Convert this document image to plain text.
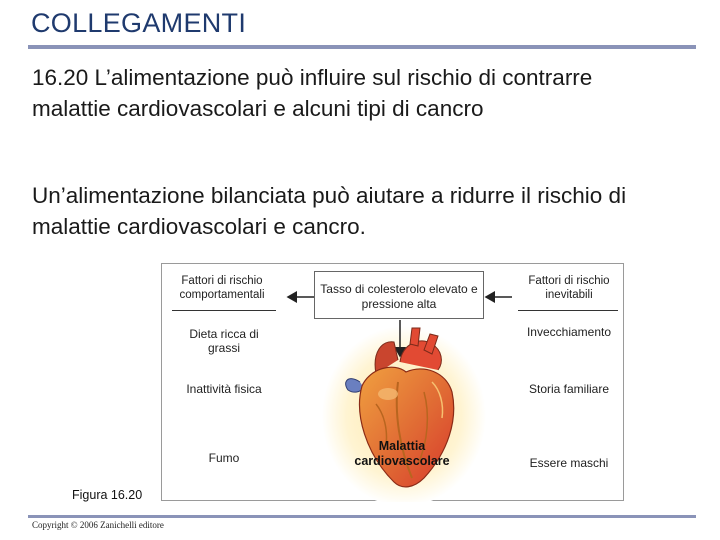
COLLEGAMENTI
16.20 L’alimentazione può influire sul rischio di contrarre malattie cardiovascolari e alcuni tipi di cancro
Un’alimentazione bilanciata può aiutare a ridurre il rischio di malattie cardiovascolari e cancro.
Fattori di rischio comportamentali
Dieta ricca di grassi
Inattività fisica
Fumo
Tasso di colesterolo elevato e pressione alta
Malattia cardiovascolare
Fattori di rischio inevitabili
Invecchiamento
Storia familiare
Essere maschi
Figura 16.20
Copyright © 2006 Zanichelli editore
